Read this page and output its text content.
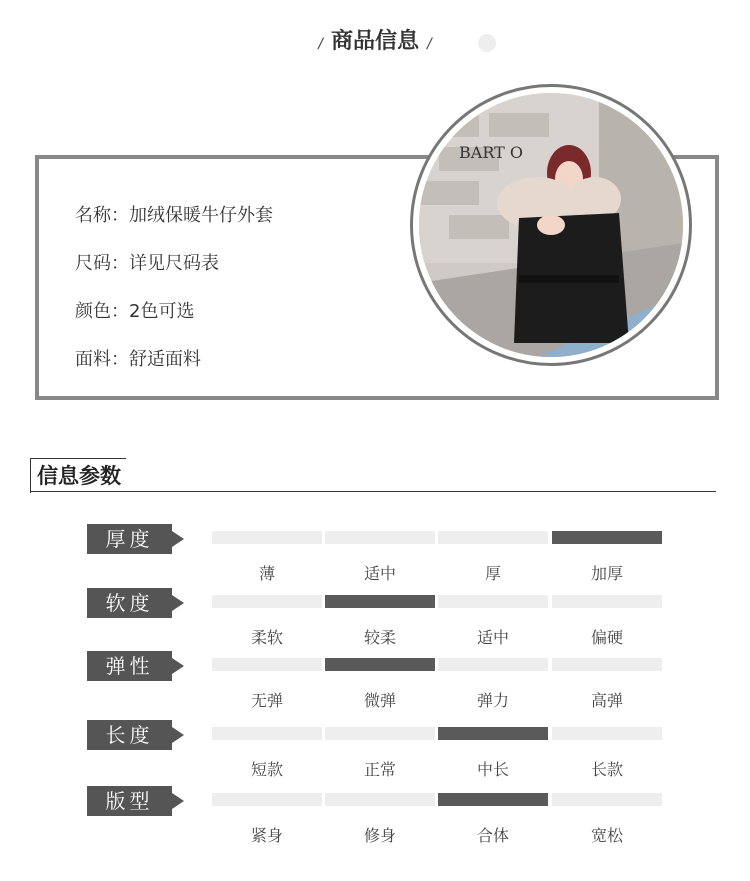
/ 商品信息 /
名称：加绒保暖牛仔外套
尺码：详见尺码表
颜色：2色可选
面料：舒适面料
BART O
信息参数
厚度
薄	适中	厚	加厚
软度
柔软	较柔	适中	偏硬
弹性
无弹	微弹	弹力	高弹
长度
短款	正常	中长	长款
版型
紧身	修身	合体	宽松
